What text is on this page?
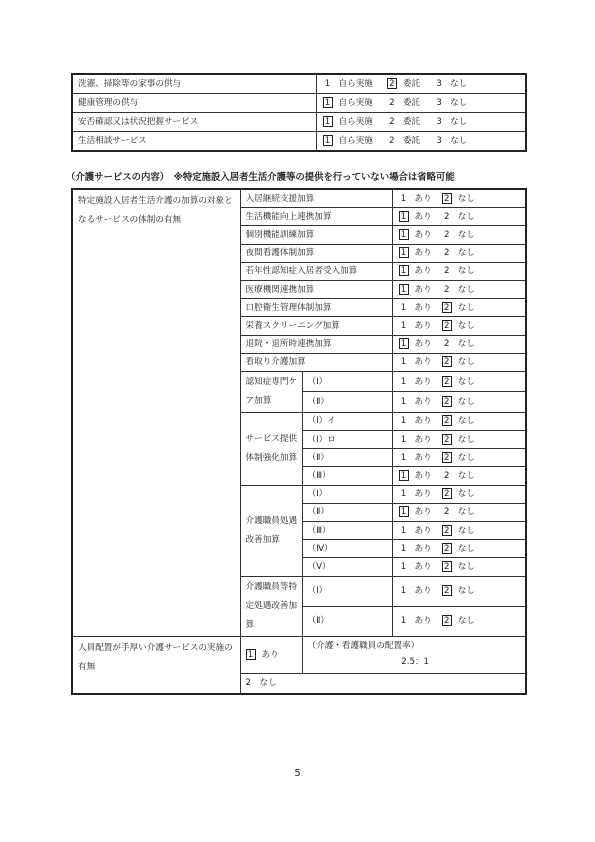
洗濯、掃除等の家事の供与	1 自ら実施 2 委託 3 なし
健康管理の供与	1 自ら実施 2 委託 3 なし
安否確認又は状況把握サービス	1 自ら実施 2 委託 3 なし
生活相談サービス	1 自ら実施 2 委託 3 なし
（介護サービスの内容）　※特定施設入居者生活介護等の提供を行っていない場合は省略可能
特定施設入居者生活介護の加算の対象となるサービスの体制の有無	入居継続支援加算		1 あり 2 なし
	生活機能向上連携加算		1 あり 2 なし
	個別機能訓練加算		1 あり 2 なし
	夜間看護体制加算		1 あり 2 なし
	若年性認知症入居者受入加算		1 あり 2 なし
	医療機関連携加算		1 あり 2 なし
	口腔衛生管理体制加算		1 あり 2 なし
	栄養スクリーニング加算		1 あり 2 なし
	退院・退所時連携加算		1 あり 2 なし
	看取り介護加算		1 あり 2 なし
	認知症専門ケア加算	（Ⅰ）	1 あり 2 なし
		（Ⅱ）	1 あり 2 なし
	サービス提供体制強化加算	（Ⅰ）イ	1 あり 2 なし
		（Ⅰ）ロ	1 あり 2 なし
		（Ⅱ）	1 あり 2 なし
		（Ⅲ）	1 あり 2 なし
	介護職員処遇改善加算	（Ⅰ）	1 あり 2 なし
		（Ⅱ）	1 あり 2 なし
		（Ⅲ）	1 あり 2 なし
		（Ⅳ）	1 あり 2 なし
		（Ⅴ）	1 あり 2 なし
	介護職員等特定処遇改善加算	（Ⅰ）	1 あり 2 なし
		（Ⅱ）	1 あり 2 なし
人員配置が手厚い介護サービスの実施の有無	1 あり	（介護・看護職員の配置率）
2.5：1	

	2　なし		
5
